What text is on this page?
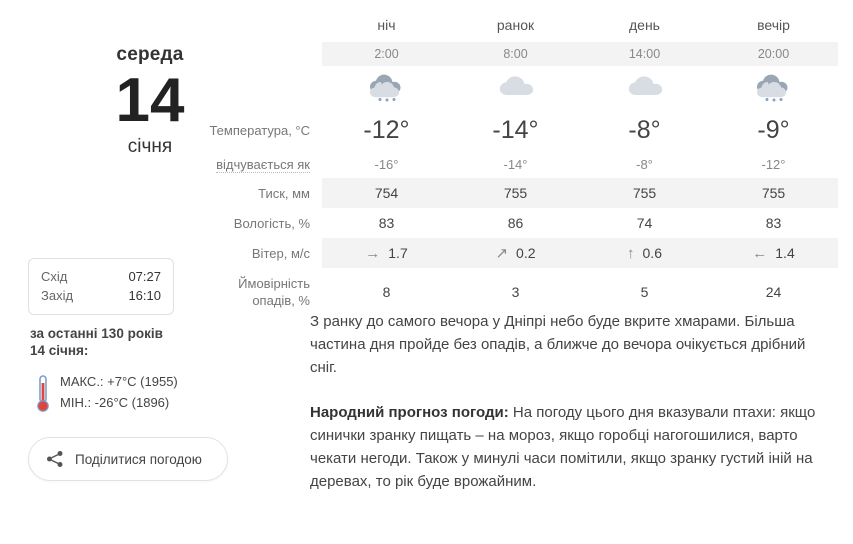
середа
14
січня
Схід	07:27
Захід	16:10
за останні 130 років
14 січня:
МАКС.: +7°C (1955)
МІН.: -26°C (1896)
Поділитися погодою
	ніч	ранок	день	вечір
	2:00	8:00	14:00	20:00

Температура, °C	-12°	-14°	-8°	-9°
відчувається як	-16°	-14°	-8°	-12°
Тиск, мм	754	755	755	755
Вологість, %	83	86	74	83
Вітер, м/с	→ 1.7	↗ 0.2	↑ 0.6	← 1.4

Ймовірність
опадів, %	8	3	5	24
З ранку до самого вечора у Дніпрі небо буде вкрите хмарами. Більша частина дня пройде без опадів, а ближче до вечора очікується дрібний сніг.
Народний прогноз погоди: На погоду цього дня вказували птахи: якщо синички зранку пищать – на мороз, якщо горобці нагогошилися, варто чекати негоди. Також у минулі часи помітили, якщо зранку густий іній на деревах, то рік буде врожайним.
